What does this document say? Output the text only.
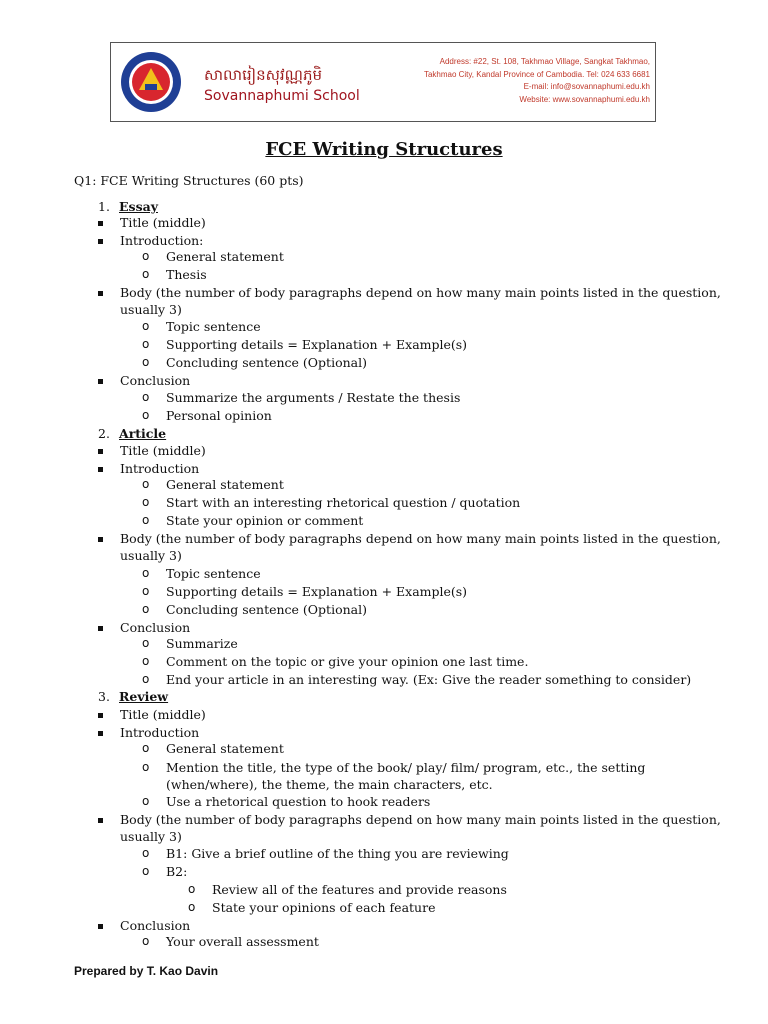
សាលារៀនសុវណ្ណភូមិ
Sovannaphumi School
Address: #22, St. 108, Takhmao Village, Sangkat Takhmao,
Takhmao City, Kandal Province of Cambodia. Tel: 024 633 6681
E-mail: info@sovannaphumi.edu.kh
Website: www.sovannaphumi.edu.kh
FCE Writing Structures
Q1: FCE Writing Structures (60 pts)
1. Essay
Title (middle)
Introduction:
o General statement
o Thesis
Body (the number of body paragraphs depend on how many main points listed in the question,
usually 3)
o Topic sentence
o Supporting details = Explanation + Example(s)
o Concluding sentence (Optional)
Conclusion
o Summarize the arguments / Restate the thesis
o Personal opinion
2. Article
Title (middle)
Introduction
o General statement
o Start with an interesting rhetorical question / quotation
o State your opinion or comment
Body (the number of body paragraphs depend on how many main points listed in the question,
usually 3)
o Topic sentence
o Supporting details = Explanation + Example(s)
o Concluding sentence (Optional)
Conclusion
o Summarize
o Comment on the topic or give your opinion one last time.
o End your article in an interesting way. (Ex: Give the reader something to consider)
3. Review
Title (middle)
Introduction
o General statement
o Mention the title, the type of the book/ play/ film/ program, etc., the setting
(when/where), the theme, the main characters, etc.
o Use a rhetorical question to hook readers
Body (the number of body paragraphs depend on how many main points listed in the question,
usually 3)
o B1: Give a brief outline of the thing you are reviewing
o B2:
o Review all of the features and provide reasons
o State your opinions of each feature
Conclusion
o Your overall assessment
Prepared by T. Kao Davin
